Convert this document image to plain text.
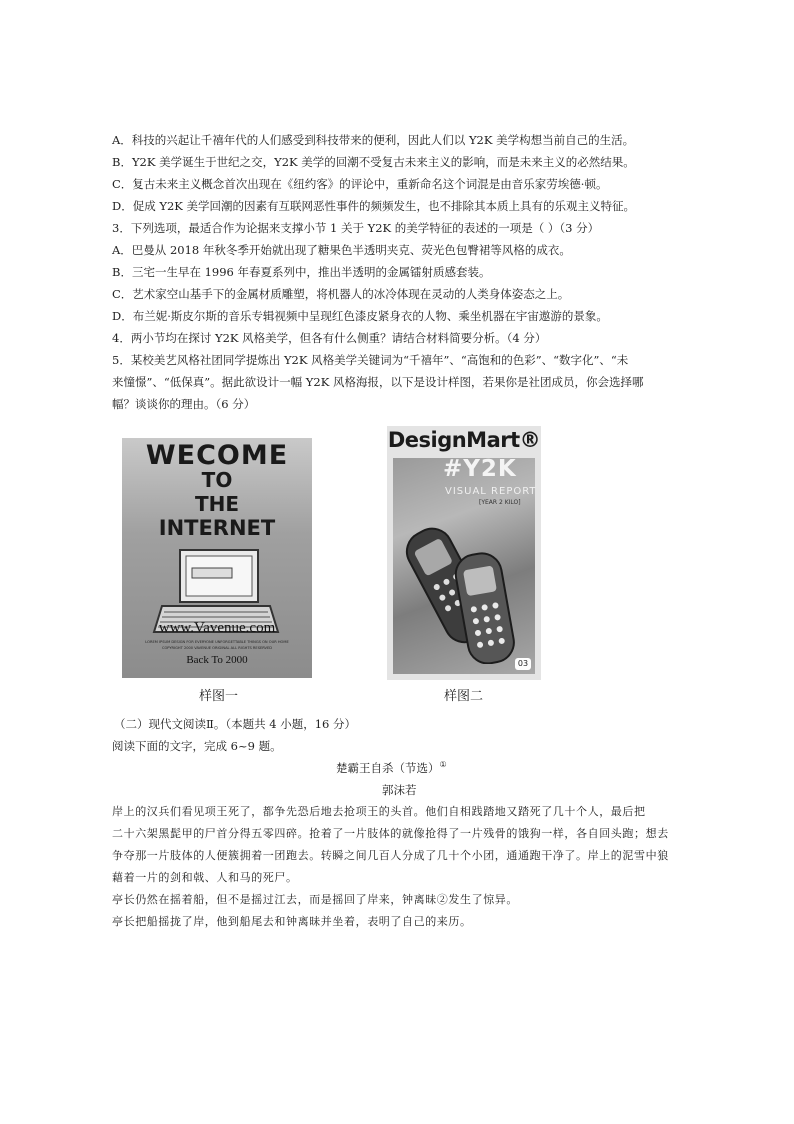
A．科技的兴起让千禧年代的人们感受到科技带来的便利，因此人们以 Y2K 美学构想当前自己的生活。
B．Y2K 美学诞生于世纪之交，Y2K 美学的回潮不受复古未来主义的影响，而是未来主义的必然结果。
C．复古未来主义概念首次出现在《纽约客》的评论中，重新命名这个词混是由音乐家劳埃德·顿。
D．促成 Y2K 美学回潮的因素有互联网恶性事件的频频发生，也不排除其本质上具有的乐观主义特征。
3．下列选项，最适合作为论据来支撑小节 1 关于 Y2K 的美学特征的表述的一项是（ ）（3 分）
A．巴曼从 2018 年秋冬季开始就出现了糖果色半透明夹克、荧光色包臀裙等风格的成衣。
B．三宅一生早在 1996 年春夏系列中，推出半透明的金属镭射质感套装。
C．艺术家空山基手下的金属材质雕塑，将机器人的冰冷体现在灵动的人类身体姿态之上。
D．布兰妮·斯皮尔斯的音乐专辑视频中呈现红色漆皮紧身衣的人物、乘坐机器在宇宙遨游的景象。
4．两小节均在探讨 Y2K 风格美学，但各有什么侧重？请结合材料简要分析。（4 分）
5．某校美艺风格社团同学提炼出 Y2K 风格美学关键词为“千禧年”、“高饱和的色彩”、“数字化”、“未
来憧憬”、“低保真”。据此欲设计一幅 Y2K 风格海报，以下是设计样图，若果你是社团成员，你会选择哪
幅？谈谈你的理由。（6 分）
WECOME
TO
THE
INTERNET
www.Vavenue.com
LOREM IPSUM DESIGN FOR EVERYONE UNFORGETTABLE THINGS ON OUR HOME
COPYRIGHT 2000 VAVENUE ORIGINAL ALL RIGHTS RESERVED
Back To 2000
样图一
DesignMart®
#Y2K
VISUAL REPORT
[YEAR 2 KILO]
03
样图二
（二）现代文阅读Ⅱ。（本题共 4 小题，16 分）
阅读下面的文字，完成 6~9 题。
楚霸王自杀（节选）①
郭沫若
岸上的汉兵们看见项王死了，都争先恐后地去抢项王的头首。他们自相践踏地又踏死了几十个人，最后把
二十六架黑髭甲的尸首分得五零四碎。抢着了一片肢体的就像抢得了一片残骨的饿狗一样，各自回头跑；想去
争夺那一片肢体的人便簇拥着一团跑去。转瞬之间几百人分成了几十个小团，通通跑干净了。岸上的泥雪中狼
藉着一片的剑和戟、人和马的死尸。
亭长仍然在摇着船，但不是摇过江去，而是摇回了岸来，钟离昧②发生了惊异。
亭长把船摇拢了岸，他到船尾去和钟离昧并坐着，表明了自己的来历。
